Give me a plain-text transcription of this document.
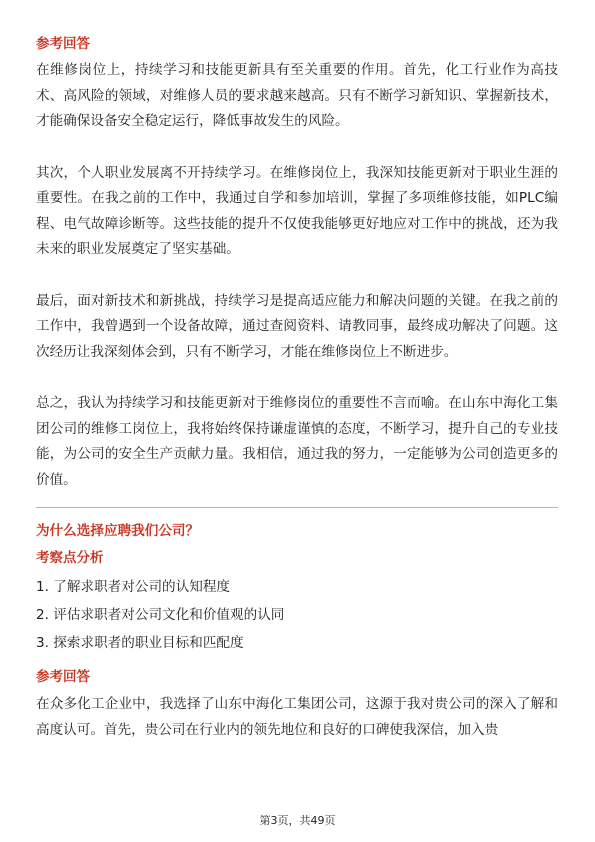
参考回答

在维修岗位上，持续学习和技能更新具有至关重要的作用。首先，化工行业作为高技术、高风险的领域，对维修人员的要求越来越高。只有不断学习新知识、掌握新技术，才能确保设备安全稳定运行，降低事故发生的风险。

其次，个人职业发展离不开持续学习。在维修岗位上，我深知技能更新对于职业生涯的重要性。在我之前的工作中，我通过自学和参加培训，掌握了多项维修技能，如PLC编程、电气故障诊断等。这些技能的提升不仅使我能够更好地应对工作中的挑战，还为我未来的职业发展奠定了坚实基础。

最后，面对新技术和新挑战，持续学习是提高适应能力和解决问题的关键。在我之前的工作中，我曾遇到一个设备故障，通过查阅资料、请教同事，最终成功解决了问题。这次经历让我深刻体会到，只有不断学习，才能在维修岗位上不断进步。

总之，我认为持续学习和技能更新对于维修岗位的重要性不言而喻。在山东中海化工集团公司的维修工岗位上，我将始终保持谦虚谨慎的态度，不断学习，提升自己的专业技能，为公司的安全生产贡献力量。我相信，通过我的努力，一定能够为公司创造更多的价值。

为什么选择应聘我们公司？
考察点分析
1. 了解求职者对公司的认知程度
2. 评估求职者对公司文化和价值观的认同
3. 探索求职者的职业目标和匹配度
参考回答

在众多化工企业中，我选择了山东中海化工集团公司，这源于我对贵公司的深入了解和高度认可。首先，贵公司在行业内的领先地位和良好的口碑使我深信，加入贵

第3页，共49页
